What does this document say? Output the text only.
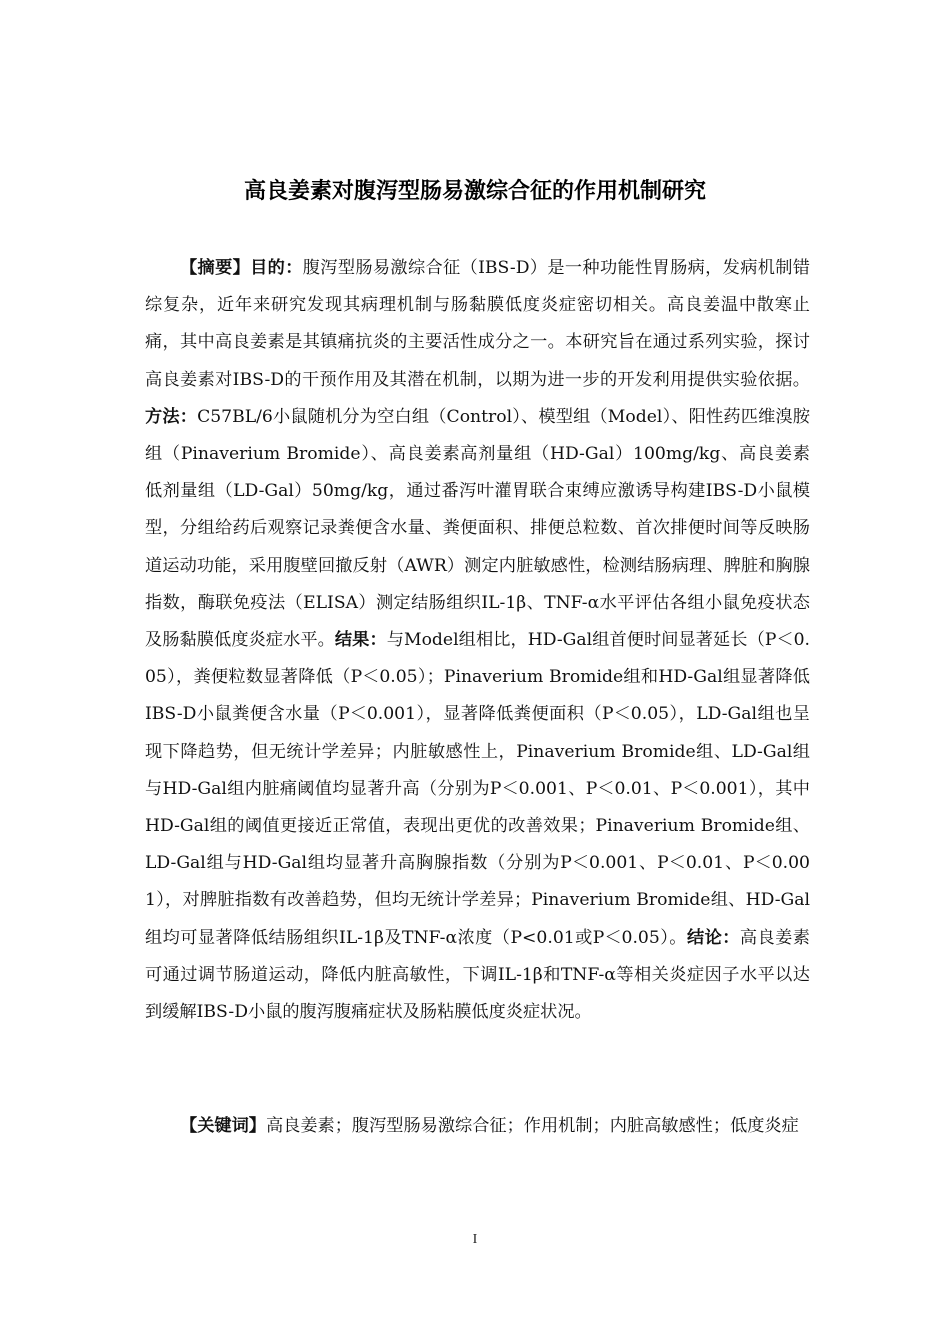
高良姜素对腹泻型肠易激综合征的作用机制研究

【摘要】目的：腹泻型肠易激综合征（IBS-D）是一种功能性胃肠病，发病机制错综复杂，近年来研究发现其病理机制与肠黏膜低度炎症密切相关。高良姜温中散寒止痛，其中高良姜素是其镇痛抗炎的主要活性成分之一。本研究旨在通过系列实验，探讨高良姜素对IBS-D的干预作用及其潜在机制，以期为进一步的开发利用提供实验依据。方法：C57BL/6小鼠随机分为空白组（Control）、模型组（Model）、阳性药匹维溴胺组（Pinaverium Bromide）、高良姜素高剂量组（HD-Gal）100mg/kg、高良姜素低剂量组（LD-Gal）50mg/kg，通过番泻叶灌胃联合束缚应激诱导构建IBS-D小鼠模型，分组给药后观察记录粪便含水量、粪便面积、排便总粒数、首次排便时间等反映肠道运动功能，采用腹壁回撤反射（AWR）测定内脏敏感性，检测结肠病理、脾脏和胸腺指数，酶联免疫法（ELISA）测定结肠组织IL-1β、TNF-α水平评估各组小鼠免疫状态及肠黏膜低度炎症水平。结果：与Model组相比，HD-Gal组首便时间显著延长（P＜0.05），粪便粒数显著降低（P＜0.05）；Pinaverium Bromide组和HD-Gal组显著降低IBS-D小鼠粪便含水量（P＜0.001），显著降低粪便面积（P＜0.05），LD-Gal组也呈现下降趋势，但无统计学差异；内脏敏感性上，Pinaverium Bromide组、LD-Gal组与HD-Gal组内脏痛阈值均显著升高（分别为P＜0.001、P＜0.01、P＜0.001），其中HD-Gal组的阈值更接近正常值，表现出更优的改善效果；Pinaverium Bromide组、LD-Gal组与HD-Gal组均显著升高胸腺指数（分别为P＜0.001、P＜0.01、P＜0.001），对脾脏指数有改善趋势，但均无统计学差异；Pinaverium Bromide组、HD-Gal组均可显著降低结肠组织IL-1β及TNF-α浓度（P<0.01或P＜0.05）。结论：高良姜素可通过调节肠道运动，降低内脏高敏性，下调IL-1β和TNF-α等相关炎症因子水平以达到缓解IBS-D小鼠的腹泻腹痛症状及肠粘膜低度炎症状况。

【关键词】高良姜素；腹泻型肠易激综合征；作用机制；内脏高敏感性；低度炎症

I
